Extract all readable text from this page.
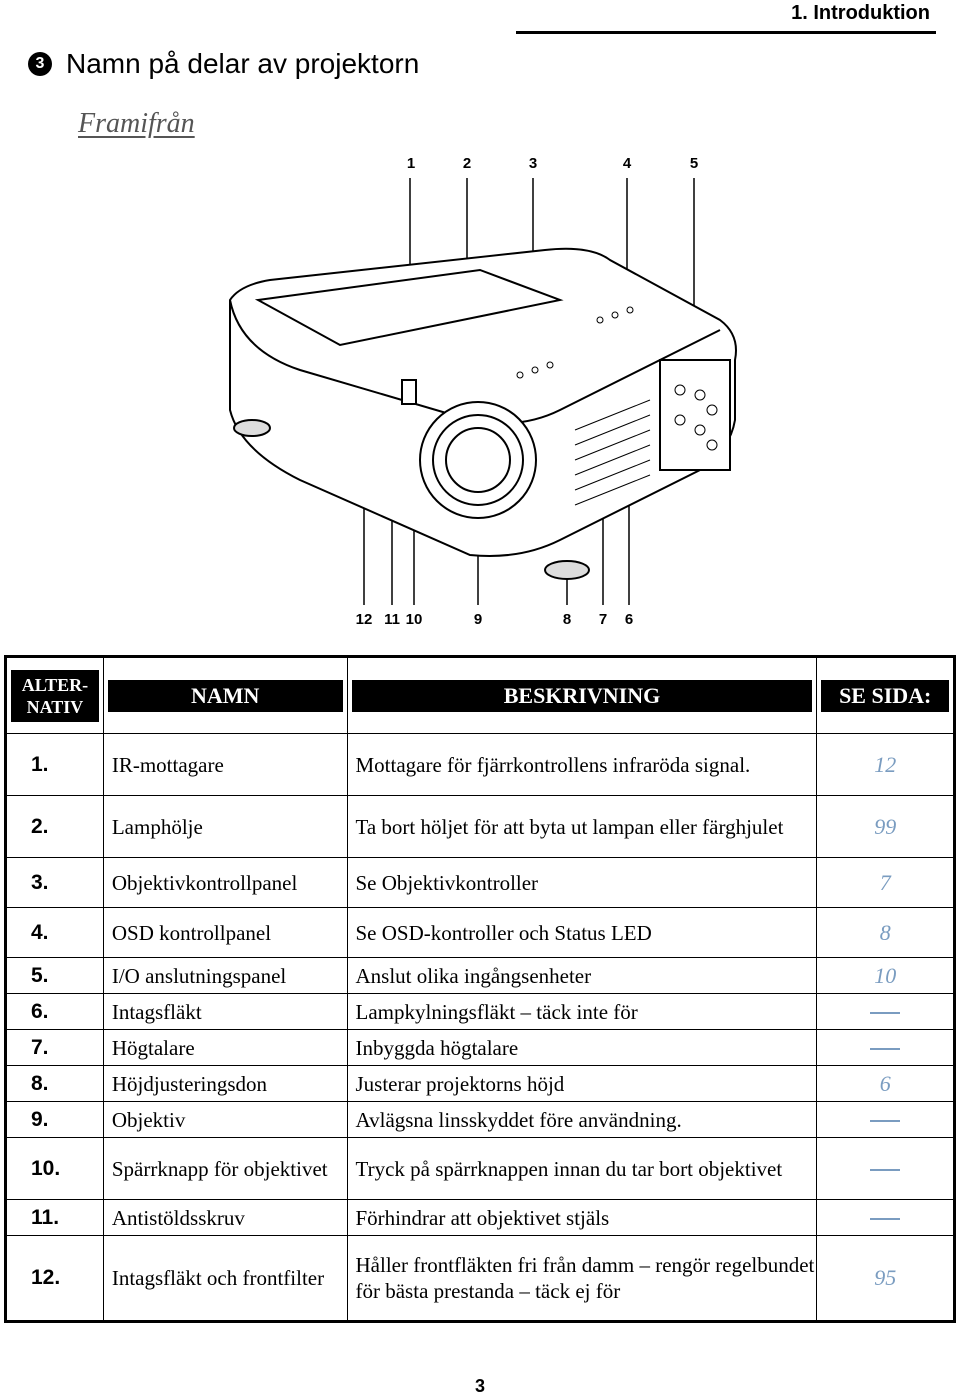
1. Introduktion
3 Namn på delar av projektorn
Framifrån
1	2	3	4	5
12 11 10	9	8 7 6
ALTER-NATIV	NAMN	BESKRIVNING	SE SIDA:

1.	IR-mottagare	Mottagare för fjärrkontrollens infraröda signal.	12
2.	Lamphölje	Ta bort höljet för att byta ut lampan eller färghjulet	99
3.	Objektivkontrollpanel	Se Objektivkontroller	7
4.	OSD kontrollpanel	Se OSD-kontroller och Status LED	8
5.	I/O anslutningspanel	Anslut olika ingångsenheter	10
6.	Intagsfläkt	Lampkylningsfläkt – täck inte för	
7.	Högtalare	Inbyggda högtalare	
8.	Höjdjusteringsdon	Justerar projektorns höjd	6
9.	Objektiv	Avlägsna linsskyddet före användning.	
10.	Spärrknapp för objektivet	Tryck på spärrknappen innan du tar bort objektivet	
11.	Antistöldsskruv	Förhindrar att objektivet stjäls	
12.	Intagsfläkt och frontfilter	Håller frontfläkten fri från damm – rengör regelbundet för bästa prestanda – täck ej för	95
3
